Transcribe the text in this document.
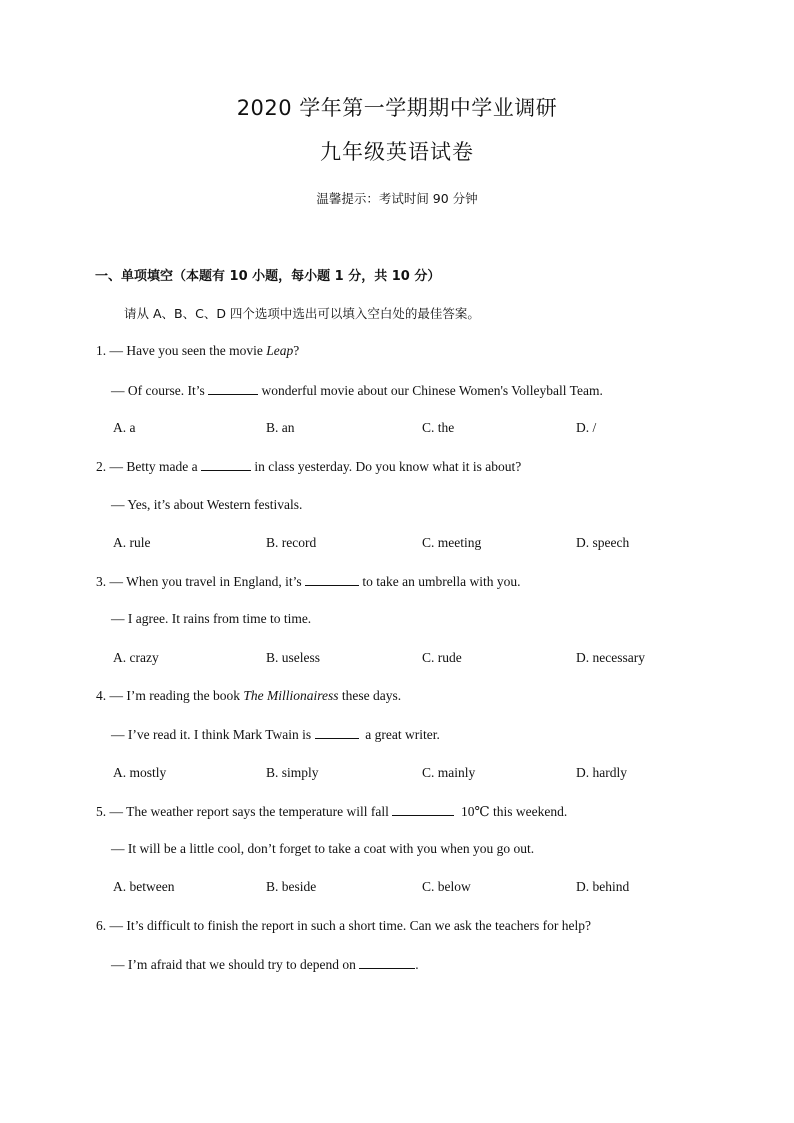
2020 学年第一学期期中学业调研
九年级英语试卷
温馨提示：考试时间 90 分钟
一、单项填空（本题有 10 小题，每小题 1 分，共 10 分）
请从 A、B、C、D 四个选项中选出可以填入空白处的最佳答案。
1. — Have you seen the movie Leap?
— Of course. It’s	wonderful movie about our Chinese Women's Volleyball Team.
A. a	B. an	C. the	D. /
2. — Betty made a	in class yesterday. Do you know what it is about?
— Yes, it’s about Western festivals.
A. rule	B. record	C. meeting	D. speech
3. — When you travel in England, it’s	to take an umbrella with you.
— I agree. It rains from time to time.
A. crazy	B. useless	C. rude	D. necessary
4. — I’m reading the book The Millionairess these days.
— I’ve read it. I think Mark Twain is	a great writer.
A. mostly	B. simply	C. mainly	D. hardly
5. — The weather report says the temperature will fall	10℃ this weekend.
— It will be a little cool, don’t forget to take a coat with you when you go out.
A. between	B. beside	C. below	D. behind
6. — It’s difficult to finish the report in such a short time. Can we ask the teachers for help?
— I’m afraid that we should try to depend on	.
